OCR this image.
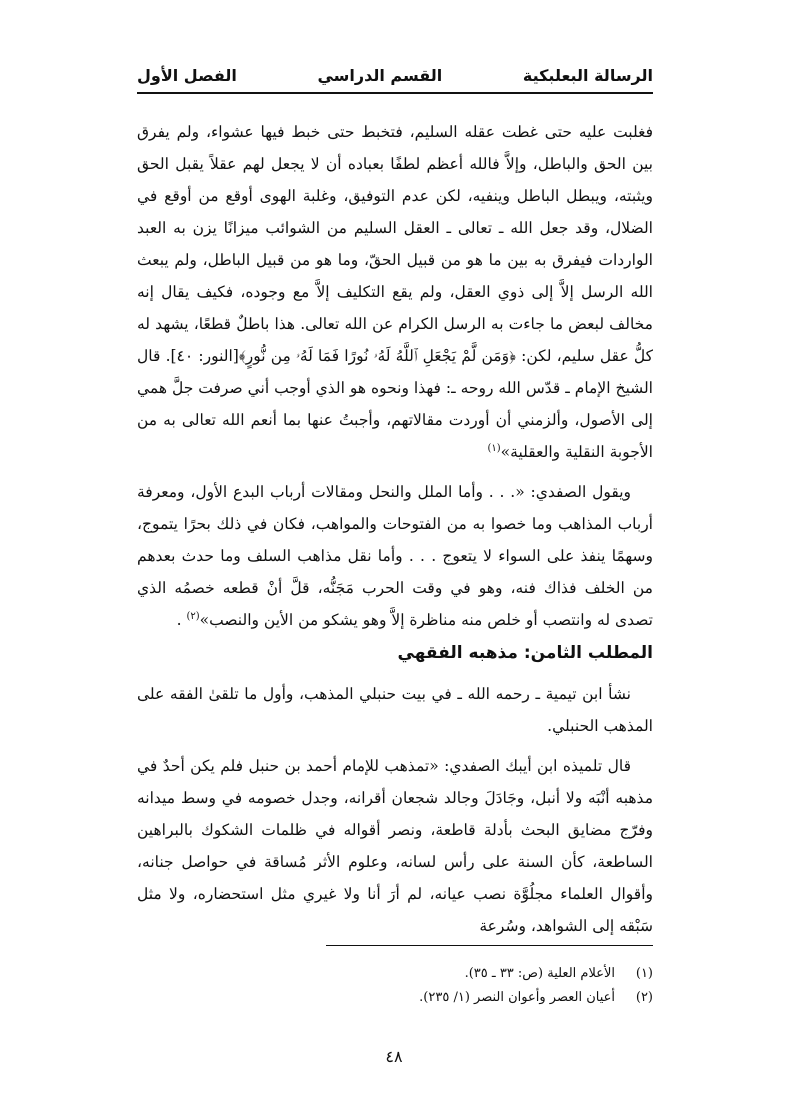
الرسالة البعلبكية
القسم الدراسي
الفصل الأول

فغلبت عليه حتى غطت عقله السليم، فتخبط حتى خبط فيها عشواء، ولم يفرق بين الحق والباطل، وإلاَّ فالله أعظم لطفًا بعباده أن لا يجعل لهم عقلاً يقبل الحق ويثبته، ويبطل الباطل وينفيه، لكن عدم التوفيق، وغلبة الهوى أوقع من أوقع في الضلال، وقد جعل الله ـ تعالى ـ العقل السليم من الشوائب ميزانًا يزن به العبد الواردات فيفرق به بين ما هو من قبيل الحقّ، وما هو من قبيل الباطل، ولم يبعث الله الرسل إلاَّ إلى ذوي العقل، ولم يقع التكليف إلاَّ مع وجوده، فكيف يقال إنه مخالف لبعض ما جاءت به الرسل الكرام عن الله تعالى. هذا باطلٌ قطعًا، يشهد له كلُّ عقل سليم، لكن: ﴿وَمَن لَّمْ يَجْعَلِ ٱللَّهُ لَهُۥ نُورًا فَمَا لَهُۥ مِن نُّورٍ﴾[النور: ٤٠]. قال الشيخ الإمام ـ قدّس الله روحه ـ: فهذا ونحوه هو الذي أوجب أني صرفت جلَّ همي إلى الأصول، وألزمني أن أوردت مقالاتهم، وأجبتُ عنها بما أنعم الله تعالى به من الأجوبة النقلية والعقلية»$^{(١)}$

ويقول الصفدي: «. . . وأما الملل والنحل ومقالات أرباب البدع الأول، ومعرفة أرباب المذاهب وما خصوا به من الفتوحات والمواهب، فكان في ذلك بحرًا يتموج، وسهمًا ينفذ على السواء لا يتعوج . . . وأما نقل مذاهب السلف وما حدث بعدهم من الخلف فذاك فنه، وهو في وقت الحرب مَجَنُّه، قلَّ أنْ قطعه خصمُه الذي تصدى له وانتصب أو خلص منه مناظرة إلاَّ وهو يشكو من الأين والنصب»$^{(٢)}$ .

المطلب الثامن: مذهبه الفقهي

نشأ ابن تيمية ـ رحمه الله ـ في بيت حنبلي المذهب، وأول ما تلقىٰ الفقه على المذهب الحنبلي.

قال تلميذه ابن أيبك الصفدي: «تمذهب للإمام أحمد بن حنبل فلم يكن أحدٌ في مذهبه أنْبَه ولا أنبل، وجَادَلَ وجالد شجعان أقرانه، وجدل خصومه في وسط ميدانه وفرّج مضايق البحث بأدلة قاطعة، ونصر أقواله في ظلمات الشكوك بالبراهين الساطعة، كأن السنة على رأس لسانه، وعلوم الأثر مُساقة في حواصل جنانه، وأقوال العلماء مجلُوَّة نصب عيانه، لم أرَ أنا ولا غيري مثل استحضاره، ولا مثل سَبْقه إلى الشواهد، وسُرعة

(١)
الأعلام العلية (ص: ٣٣ ـ ٣٥).
(٢)
أعيان العصر وأعوان النصر (١/ ٢٣٥).
٤٨
